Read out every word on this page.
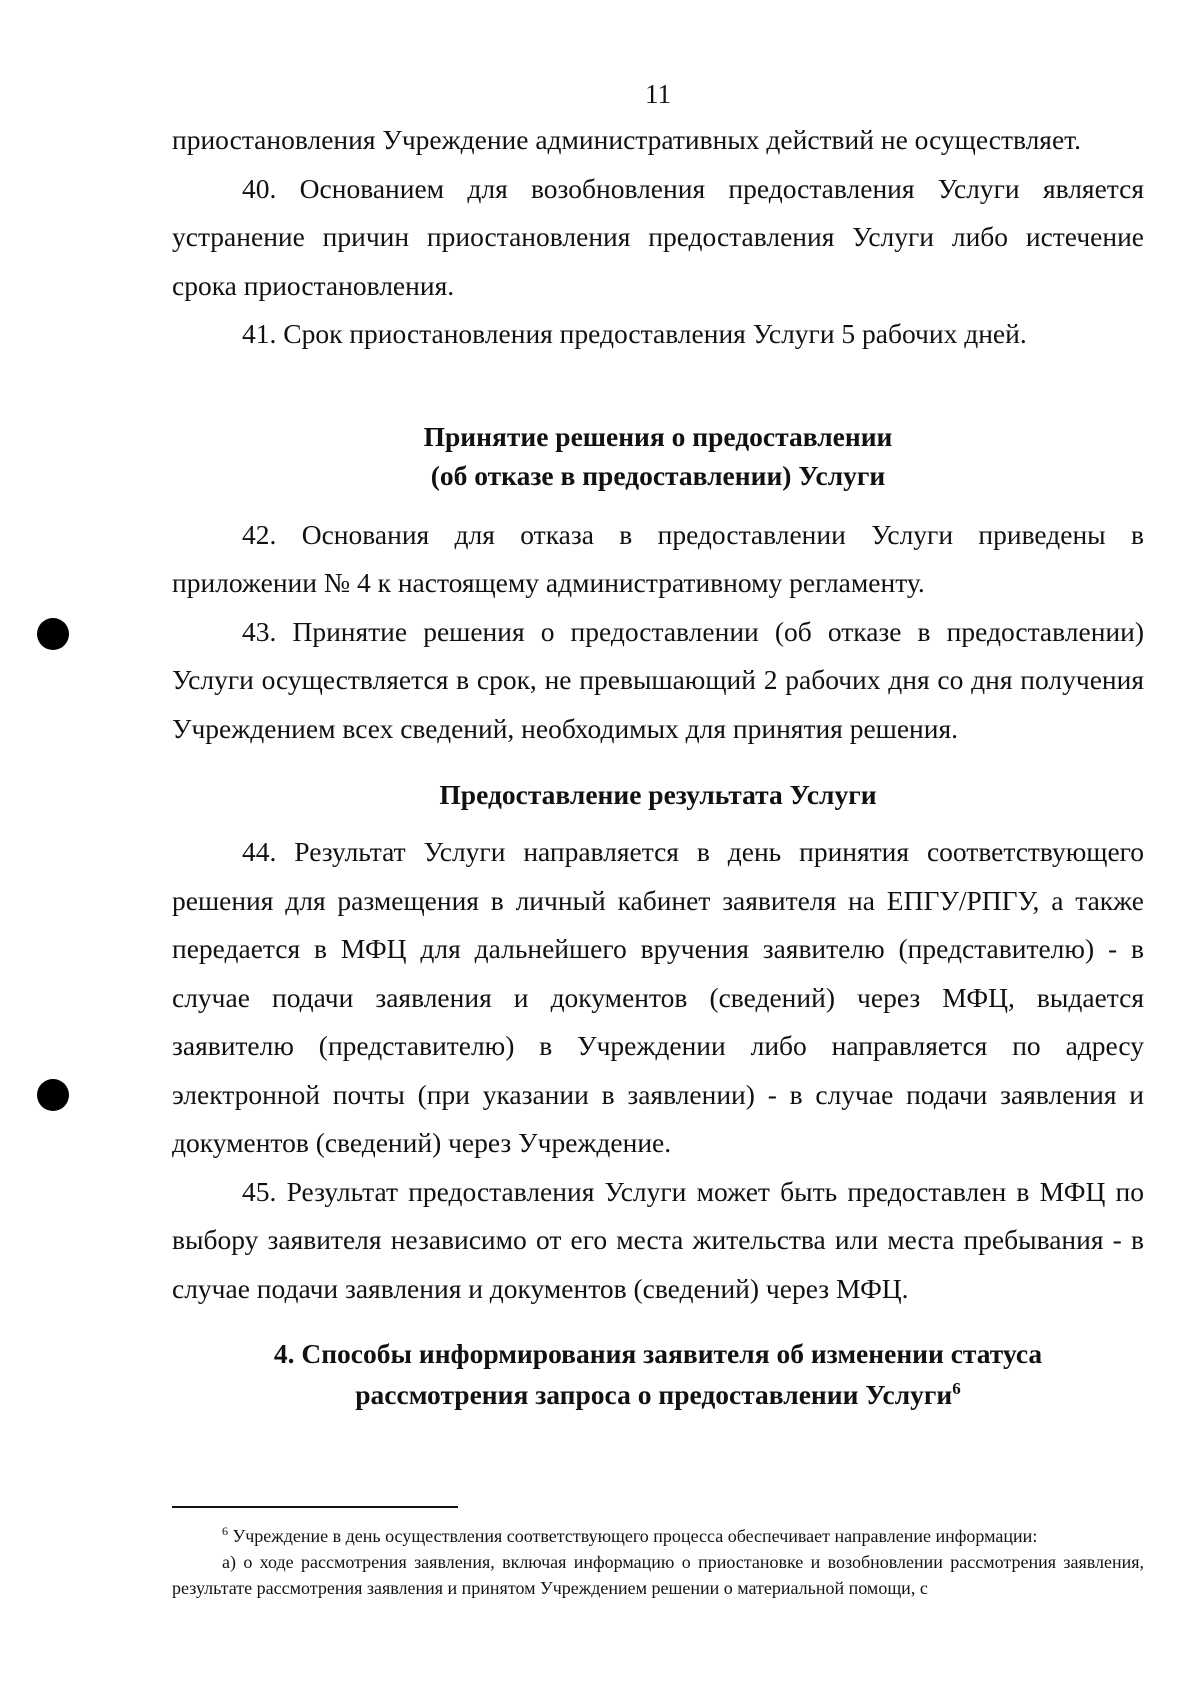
11

приостановления Учреждение административных действий не осуществляет.

40. Основанием для возобновления предоставления Услуги является устранение причин приостановления предоставления Услуги либо истечение срока приостановления.

41. Срок приостановления предоставления Услуги 5 рабочих дней.

Принятие решения о предоставлении
(об отказе в предоставлении) Услуги

42. Основания для отказа в предоставлении Услуги приведены в приложении № 4 к настоящему административному регламенту.

43. Принятие решения о предоставлении (об отказе в предоставлении) Услуги осуществляется в срок, не превышающий 2 рабочих дня со дня получения Учреждением всех сведений, необходимых для принятия решения.

Предоставление результата Услуги

44. Результат Услуги направляется в день принятия соответствующего решения для размещения в личный кабинет заявителя на ЕПГУ/РПГУ, а также передается в МФЦ для дальнейшего вручения заявителю (представителю) - в случае подачи заявления и документов (сведений) через МФЦ, выдается заявителю (представителю) в Учреждении либо направляется по адресу электронной почты (при указании в заявлении) - в случае подачи заявления и документов (сведений) через Учреждение.

45. Результат предоставления Услуги может быть предоставлен в МФЦ по выбору заявителя независимо от его места жительства или места пребывания - в случае подачи заявления и документов (сведений) через МФЦ.

4. Способы информирования заявителя об изменении статуса
рассмотрения запроса о предоставлении Услуги$^6$

$^6$ Учреждение в день осуществления соответствующего процесса обеспечивает направление информации:

а) о ходе рассмотрения заявления, включая информацию о приостановке и возобновлении рассмотрения заявления, результате рассмотрения заявления и принятом Учреждением решении о материальной помощи, с
